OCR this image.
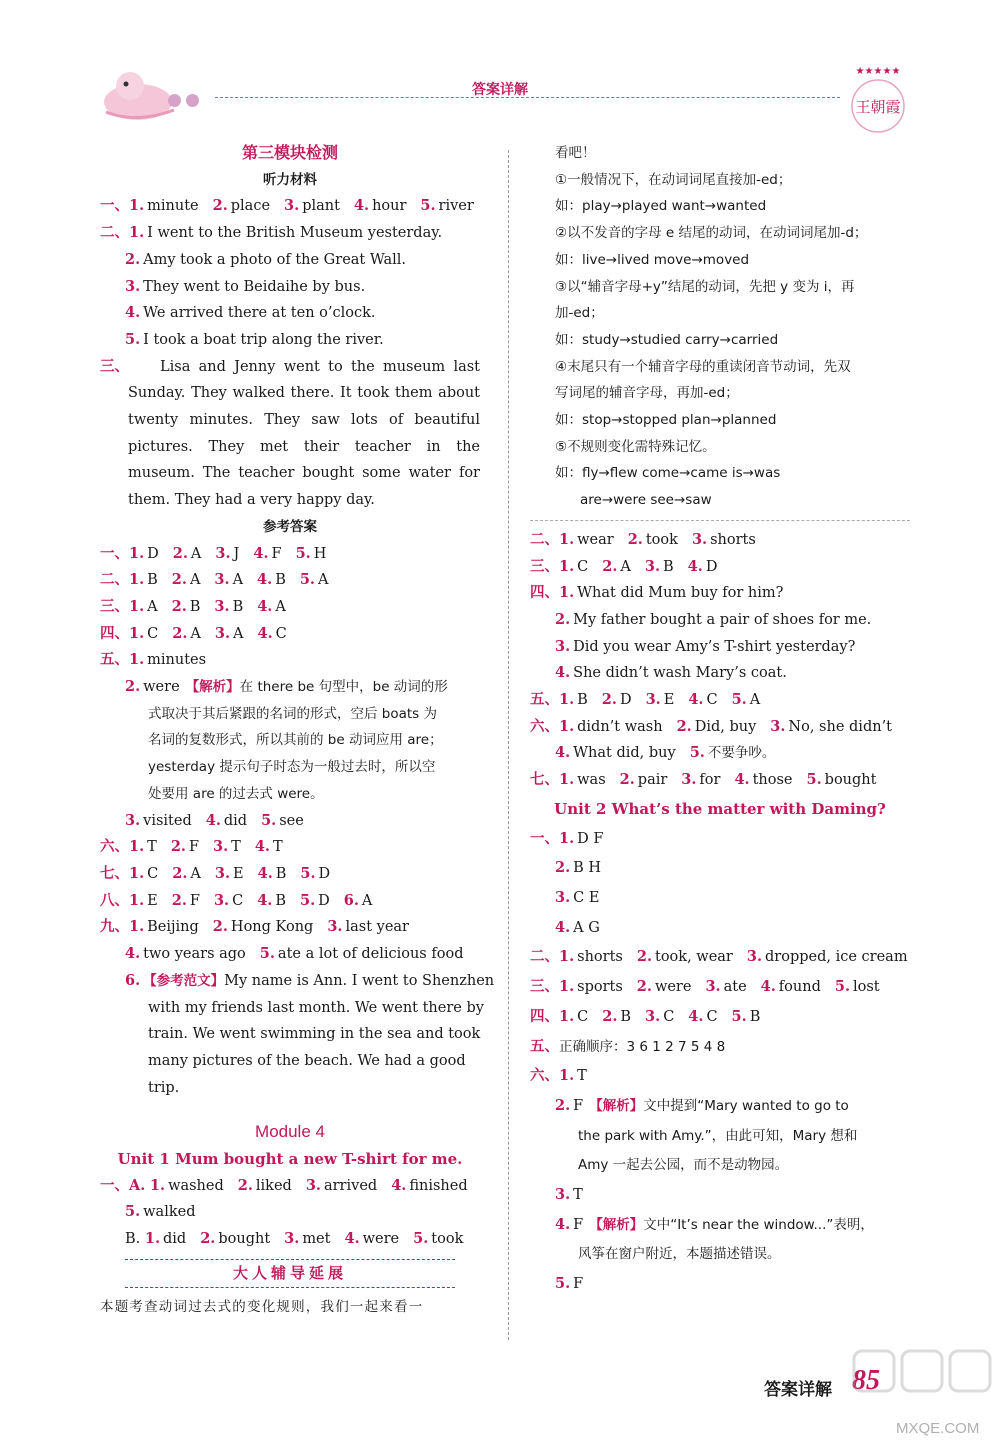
答案详解
★★★★★
王朝霞
第三模块检测
听力材料
一、1. minute 2. place 3. plant 4. hour 5. river
二、1. I went to the British Museum yesterday.
2. Amy took a photo of the Great Wall.
3. They went to Beidaihe by bus.
4. We arrived there at ten o’clock.
5. I took a boat trip along the river.
三、 Lisa and Jenny went to the museum last Sunday. They walked there. It took them about twenty minutes. They saw lots of beautiful pictures. They met their teacher in the museum. The teacher bought some water for them. They had a very happy day.
参考答案
一、1. D 2. A 3. J 4. F 5. H
二、1. B 2. A 3. A 4. B 5. A
三、1. A 2. B 3. B 4. A
四、1. C 2. A 3. A 4. C
五、1. minutes
2. were 【解析】在 there be 句型中，be 动词的形
式取决于其后紧跟的名词的形式，空后 boats 为
名词的复数形式，所以其前的 be 动词应用 are；
yesterday 提示句子时态为一般过去时，所以空
处要用 are 的过去式 were。
3. visited 4. did 5. see
六、1. T 2. F 3. T 4. T
七、1. C 2. A 3. E 4. B 5. D
八、1. E 2. F 3. C 4. B 5. D 6. A
九、1. Beijing 2. Hong Kong 3. last year
4. two years ago 5. ate a lot of delicious food
6. 【参考范文】My name is Ann. I went to Shenzhen
with my friends last month. We went there by
train. We went swimming in the sea and took
many pictures of the beach. We had a good
trip.
Module 4
Unit 1 Mum bought a new T-shirt for me.
一、A. 1. washed 2. liked 3. arrived 4. finished
5. walked
B. 1. did 2. bought 3. met 4. were 5. took
大人辅导延展
本题考查动词过去式的变化规则，我们一起来看一
看吧！
①一般情况下，在动词词尾直接加-ed；
如：play→played want→wanted
②以不发音的字母 e 结尾的动词，在动词词尾加-d；
如：live→lived move→moved
③以“辅音字母+y”结尾的动词，先把 y 变为 i，再
加-ed；
如：study→studied carry→carried
④末尾只有一个辅音字母的重读闭音节动词，先双
写词尾的辅音字母，再加-ed；
如：stop→stopped plan→planned
⑤不规则变化需特殊记忆。
如：fly→flew come→came is→was
are→were see→saw
二、1. wear 2. took 3. shorts
三、1. C 2. A 3. B 4. D
四、1. What did Mum buy for him?
2. My father bought a pair of shoes for me.
3. Did you wear Amy’s T-shirt yesterday?
4. She didn’t wash Mary’s coat.
五、1. B 2. D 3. E 4. C 5. A
六、1. didn’t wash 2. Did, buy 3. No, she didn’t
4. What did, buy 5. 不要争吵。
七、1. was 2. pair 3. for 4. those 5. bought
Unit 2 What’s the matter with Daming?
一、1. D F
2. B H
3. C E
4. A G
二、1. shorts 2. took, wear 3. dropped, ice cream
三、1. sports 2. were 3. ate 4. found 5. lost
四、1. C 2. B 3. C 4. C 5. B
五、正确顺序：3 6 1 2 7 5 4 8
六、1. T
2. F 【解析】文中提到“Mary wanted to go to
the park with Amy.”，由此可知，Mary 想和
Amy 一起去公园，而不是动物园。
3. T
4. F 【解析】文中“It’s near the window...”表明，
风筝在窗户附近，本题描述错误。
5. F
答案详解 85
MXQE.COM
